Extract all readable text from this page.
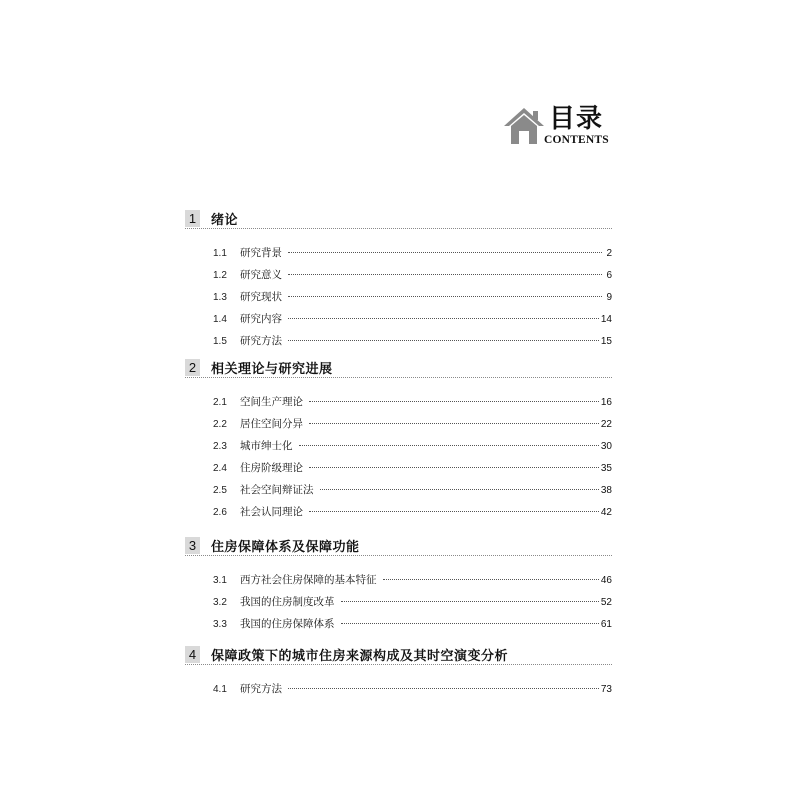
目录
CONTENTS
1 绪论
1.1	研究背景	2
1.2	研究意义	6
1.3	研究现状	9
1.4	研究内容	14
1.5	研究方法	15
2 相关理论与研究进展
2.1	空间生产理论	16
2.2	居住空间分异	22
2.3	城市绅士化	30
2.4	住房阶级理论	35
2.5	社会空间辩证法	38
2.6	社会认同理论	42
3 住房保障体系及保障功能
3.1	西方社会住房保障的基本特征	46
3.2	我国的住房制度改革	52
3.3	我国的住房保障体系	61
4 保障政策下的城市住房来源构成及其时空演变分析
4.1	研究方法	73
